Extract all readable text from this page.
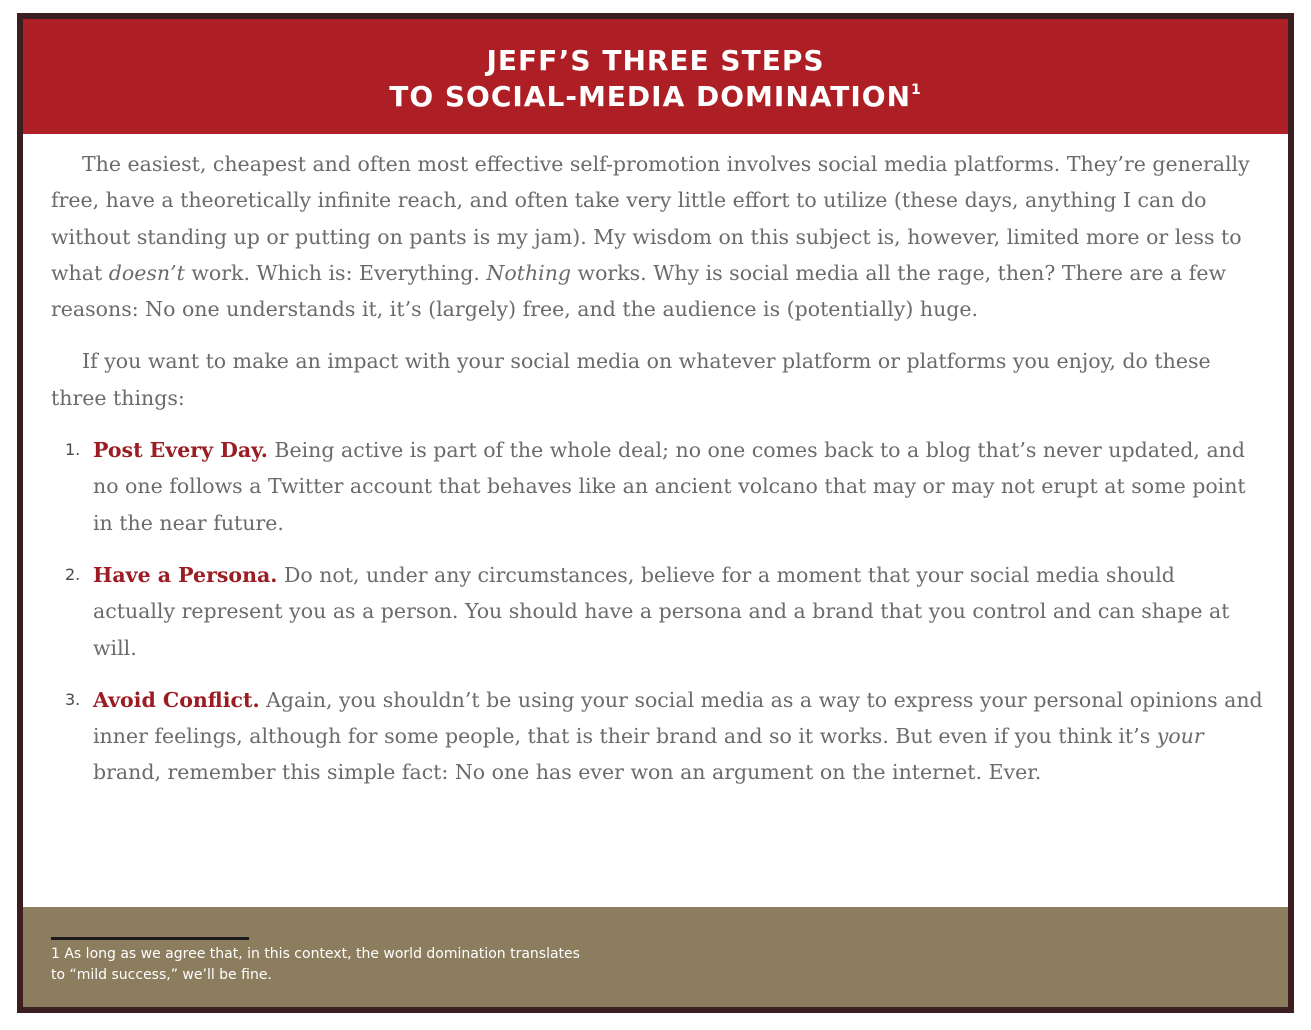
JEFF’S THREE STEPS
TO SOCIAL-MEDIA DOMINATION$^1$

The easiest, cheapest and often most effective self-promotion involves social media platforms. They’re generally free, have a theoretically infinite reach, and often take very little effort to utilize (these days, anything I can do without standing up or putting on pants is my jam). My wisdom on this subject is, however, limited more or less to what doesn’t work. Which is: Everything. Nothing works. Why is social media all the rage, then? There are a few reasons: No one understands it, it’s (largely) free, and the audience is (potentially) huge.

If you want to make an impact with your social media on whatever platform or platforms you enjoy, do these three things:

1. Post Every Day. Being active is part of the whole deal; no one comes back to a blog that’s never updated, and no one follows a Twitter account that behaves like an ancient volcano that may or may not erupt at some point in the near future.
2. Have a Persona. Do not, under any circumstances, believe for a moment that your social media should actually represent you as a person. You should have a persona and a brand that you control and can shape at will.
3. Avoid Conflict. Again, you shouldn’t be using your social media as a way to express your personal opinions and inner feelings, although for some people, that is their brand and so it works. But even if you think it’s your brand, remember this simple fact: No one has ever won an argument on the internet. Ever.
1 As long as we agree that, in this context, the world domination translates
to “mild success,” we’ll be fine.
